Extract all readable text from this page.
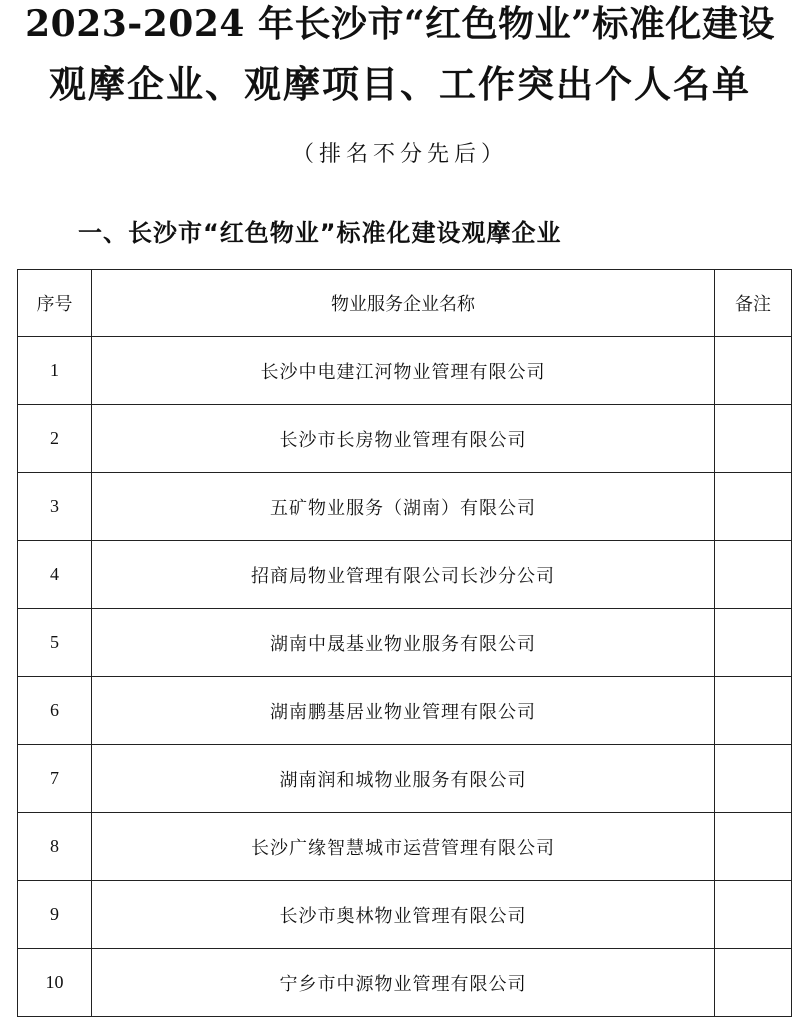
2023-2024 年长沙市“红色物业”标准化建设
观摩企业、观摩项目、工作突出个人名单
（排名不分先后）
一、长沙市“红色物业”标准化建设观摩企业
序号	物业服务企业名称	备注
1	长沙中电建江河物业管理有限公司	
2	长沙市长房物业管理有限公司	
3	五矿物业服务（湖南）有限公司	
4	招商局物业管理有限公司长沙分公司	
5	湖南中晟基业物业服务有限公司	
6	湖南鹏基居业物业管理有限公司	
7	湖南润和城物业服务有限公司	
8	长沙广缘智慧城市运营管理有限公司	
9	长沙市奥林物业管理有限公司	
10	宁乡市中源物业管理有限公司	
